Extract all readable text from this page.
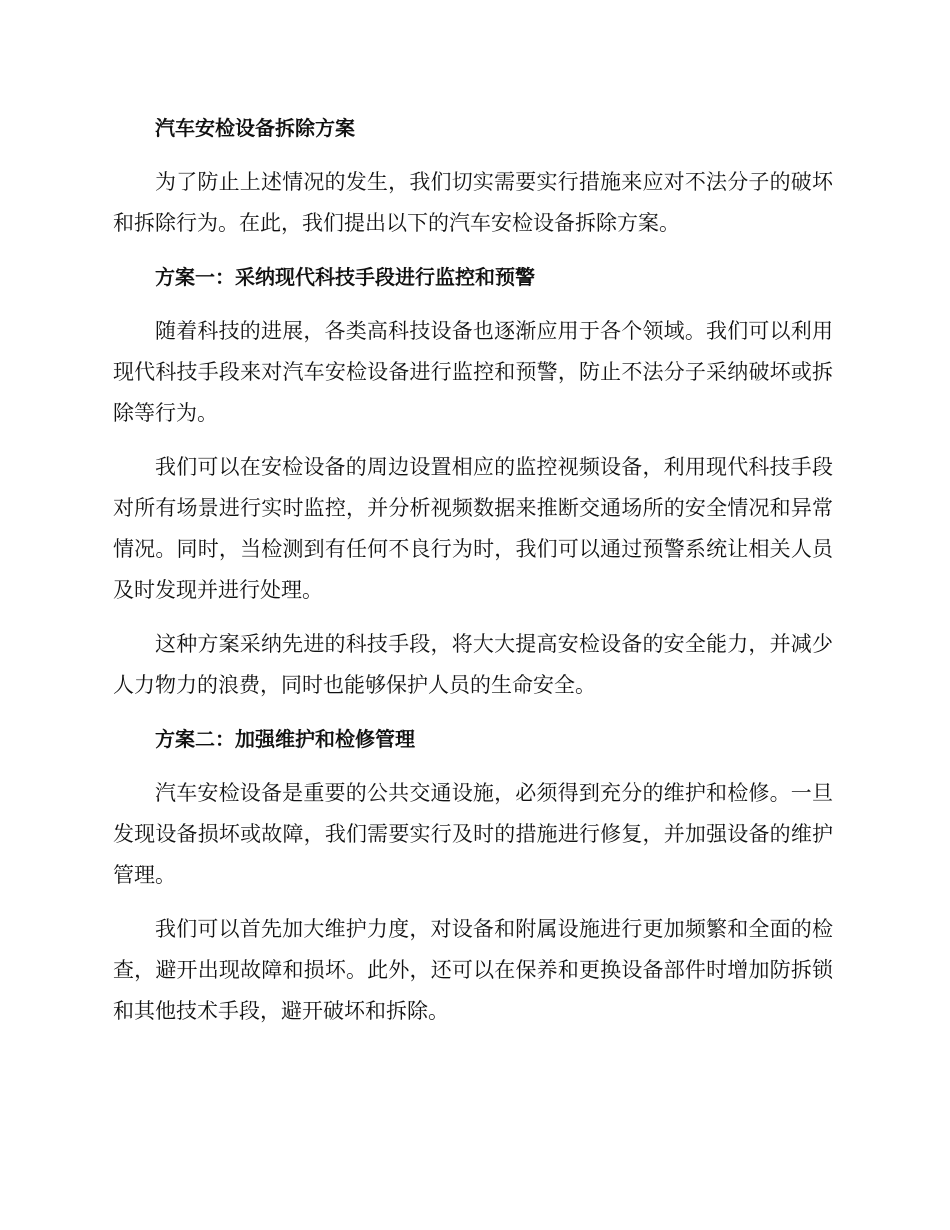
汽车安检设备拆除方案

为了防止上述情况的发生，我们切实需要实行措施来应对不法分子的破坏和拆除行为。在此，我们提出以下的汽车安检设备拆除方案。

方案一：采纳现代科技手段进行监控和预警

随着科技的进展，各类高科技设备也逐渐应用于各个领域。我们可以利用现代科技手段来对汽车安检设备进行监控和预警，防止不法分子采纳破坏或拆除等行为。

我们可以在安检设备的周边设置相应的监控视频设备，利用现代科技手段对所有场景进行实时监控，并分析视频数据来推断交通场所的安全情况和异常情况。同时，当检测到有任何不良行为时，我们可以通过预警系统让相关人员及时发现并进行处理。

这种方案采纳先进的科技手段，将大大提高安检设备的安全能力，并减少人力物力的浪费，同时也能够保护人员的生命安全。

方案二：加强维护和检修管理

汽车安检设备是重要的公共交通设施，必须得到充分的维护和检修。一旦发现设备损坏或故障，我们需要实行及时的措施进行修复，并加强设备的维护管理。

我们可以首先加大维护力度，对设备和附属设施进行更加频繁和全面的检查，避开出现故障和损坏。此外，还可以在保养和更换设备部件时增加防拆锁和其他技术手段，避开破坏和拆除。
